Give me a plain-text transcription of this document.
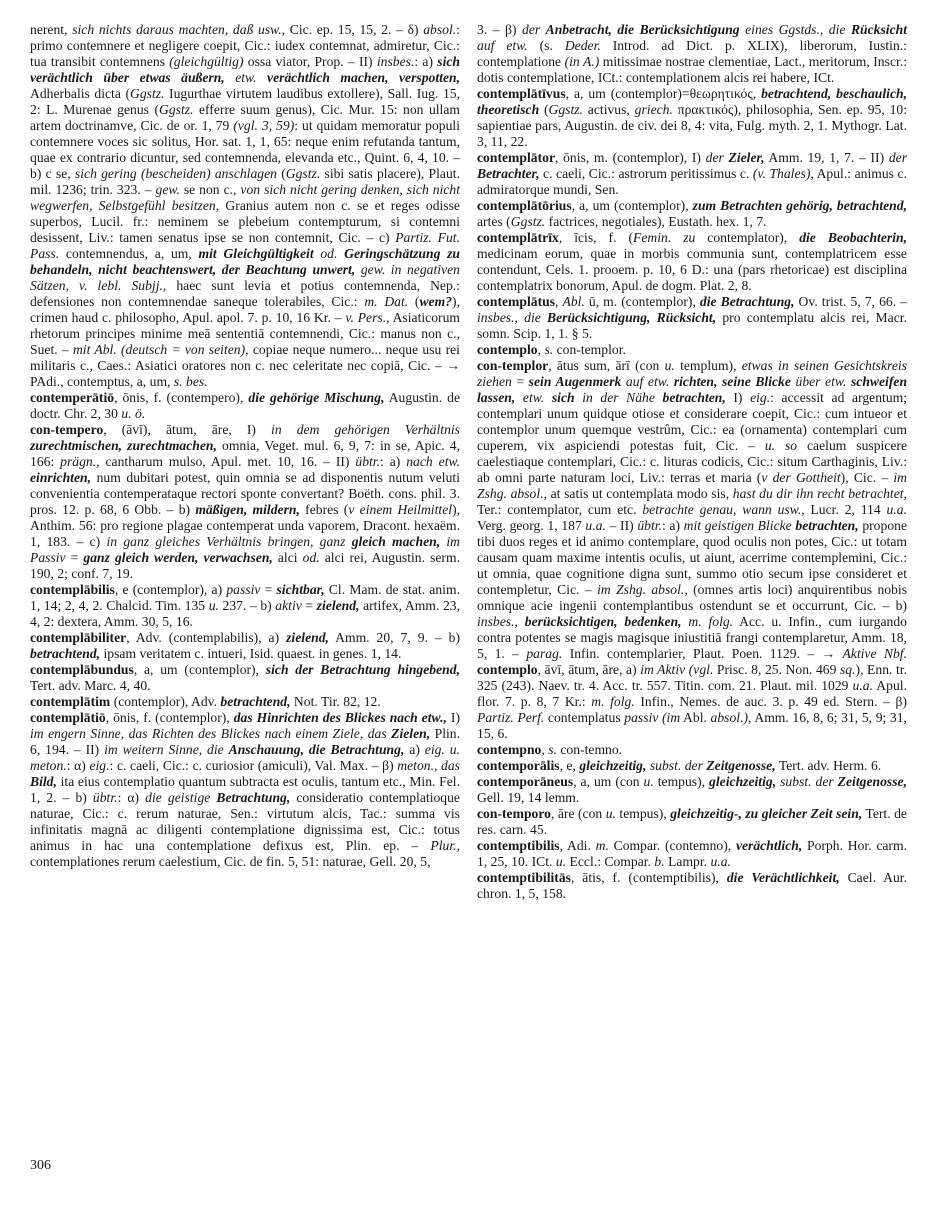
nerent, sich nichts daraus machten, daß usw., Cic. ep. 15, 15, 2. – δ) absol.: primo contemnere et negligere coepit, Cic.: iudex contemnat, admiretur, Cic.: tua transibit contemnens (gleichgültig) ossa viator, Prop. – II) insbes.: a) sich verächtlich über etwas äußern, etw. verächtlich machen, verspotten, Adherbalis dicta (Ggstz. Iugurthae virtutem laudibus extollere), Sall. Iug. 15, 2: L. Murenae genus (Ggstz. efferre suum genus), Cic. Mur. 15: non ullam artem doctrinamve, Cic. de or. 1, 79 (vgl. 3, 59): ut quidam memoratur populi contemnere voces sic solitus, Hor. sat. 1, 1, 65: neque enim refutanda tantum, quae ex contrario dicuntur, sed contemnenda, elevanda etc., Quint. 6, 4, 10. – b) c se, sich gering (bescheiden) anschlagen (Ggstz. sibi satis placere), Plaut. mil. 1236; trin. 323. – gew. se non c., von sich nicht gering denken, sich nicht wegwerfen, Selbstgefühl besitzen, Granius autem non c. se et reges odisse superbos, Lucil. fr.: neminem se plebeium contempturum, si contemni desissent, Liv.: tamen senatus ipse se non contemnit, Cic. – c) Partiz. Fut. Pass. contemnendus, a, um, mit Gleichgültigkeit od. Geringschätzung zu behandeln, nicht beachtenswert, der Beachtung unwert, gew. in negativen Sätzen, v. lebl. Subjj., haec sunt levia et potius contemnenda, Nep.: defensiones non contemnendae saneque tolerabiles, Cic.: m. Dat. (wem?), crimen haud c. philosopho, Apul. apol. 7. p. 10, 16 Kr. – v. Pers., Asiaticorum rhetorum principes minime meā sententiā contemnendi, Cic.: manus non c., Suet. – mit Abl. (deutsch = von seiten), copiae neque numero... neque usu rei militaris c., Caes.: Asiatici oratores non c. nec celeritate nec copiā, Cic. – → PAdi., contemptus, a, um, s. bes.

contemperātiō, ōnis, f. (contempero), die gehörige Mischung, Augustin. de doctr. Chr. 2, 30 u. ö.

con-tempero, (āvī), ātum, āre, I) in dem gehörigen Verhältnis zurechtmischen, zurechtmachen, omnia, Veget. mul. 6, 9, 7: in se, Apic. 4, 166: prägn., cantharum mulso, Apul. met. 10, 16. – II) übtr.: a) nach etw. einrichten, num dubitari potest, quin omnia se ad disponentis nutum veluti convenientia contemperataque rectori sponte convertant? Boëth. cons. phil. 3. pros. 12. p. 68, 6 Obb. – b) mäßigen, mildern, febres (v einem Heilmittel), Anthim. 56: pro regione plagae contemperat unda vaporem, Dracont. hexaëm. 1, 183. – c) in ganz gleiches Verhältnis bringen, ganz gleich machen, im Passiv = ganz gleich werden, verwachsen, alci od. alci rei, Augustin. serm. 190, 2; conf. 7, 19.

contemplābilis, e (contemplor), a) passiv = sichtbar, Cl. Mam. de stat. anim. 1, 14; 2, 4, 2. Chalcid. Tim. 135 u. 237. – b) aktiv = zielend, artifex, Amm. 23, 4, 2: dextera, Amm. 30, 5, 16.

contemplābiliter, Adv. (contemplabilis), a) zielend, Amm. 20, 7, 9. – b) betrachtend, ipsam veritatem c. intueri, Isid. quaest. in genes. 1, 14.

contemplābundus, a, um (contemplor), sich der Betrachtung hingebend, Tert. adv. Marc. 4, 40.

contemplātim (contemplor), Adv. betrachtend, Not. Tir. 82, 12.

contemplātiō, ōnis, f. (contemplor), das Hinrichten des Blickes nach etw., I) im engern Sinne, das Richten des Blickes nach einem Ziele, das Zielen, Plin. 6, 194. – II) im weitern Sinne, die Anschauung, die Betrachtung, a) eig. u. meton.: α) eig.: c. caeli, Cic.: c. curiosior (amiculi), Val. Max. – β) meton., das Bild, ita eius contemplatio quantum subtracta est oculis, tantum etc., Min. Fel. 1, 2. – b) übtr.: α) die geistige Betrachtung, consideratio contemplatioque naturae, Cic.: c. rerum naturae, Sen.: virtutum alcis, Tac.: summa vis infinitatis magnā ac diligenti contemplatione dignissima est, Cic.: totus animus in hac una contemplatione defixus est, Plin. ep. – Plur., contemplationes rerum caelestium, Cic. de fin. 5, 51: naturae, Gell. 20, 5,

3. – β) der Anbetracht, die Berücksichtigung eines Ggstds., die Rücksicht auf etw. (s. Deder. Introd. ad Dict. p. XLIX), liberorum, Iustin.: contemplatione (in A.) mitissimae nostrae clementiae, Lact., meritorum, Inscr.: dotis contemplatione, ICt.: contemplationem alcis rei habere, ICt.

contemplātīvus, a, um (contemplor)=θεωρητικός, betrachtend, beschaulich, theoretisch (Ggstz. activus, griech. πρακτικός), philosophia, Sen. ep. 95, 10: sapientiae pars, Augustin. de civ. dei 8, 4: vita, Fulg. myth. 2, 1. Mythogr. Lat. 3, 11, 22.

contemplātor, ōnis, m. (contemplor), I) der Zieler, Amm. 19, 1, 7. – II) der Betrachter, c. caeli, Cic.: astrorum peritissimus c. (v. Thales), Apul.: animus c. admiratorque mundi, Sen.

contemplātōrius, a, um (contemplor), zum Betrachten gehörig, betrachtend, artes (Ggstz. factrices, negotiales), Eustath. hex. 1, 7.

contemplātrīx, īcis, f. (Femin. zu contemplator), die Beobachterin, medicinam eorum, quae in morbis communia sunt, contemplatricem esse contendunt, Cels. 1. prooem. p. 10, 6 D.: una (pars rhetoricae) est disciplina contemplatrix bonorum, Apul. de dogm. Plat. 2, 8.

contemplātus, Abl. ū, m. (contemplor), die Betrachtung, Ov. trist. 5, 7, 66. – insbes., die Berücksichtigung, Rücksicht, pro contemplatu alcis rei, Macr. somn. Scip. 1, 1. § 5.

contemplo, s. con-templor.

con-templor, ātus sum, ārī (con u. templum), etwas in seinen Gesichtskreis ziehen = sein Augenmerk auf etw. richten, seine Blicke über etw. schweifen lassen, etw. sich in der Nähe betrachten, I) eig.: accessit ad argentum; contemplari unum quidque otiose et considerare coepit, Cic.: cum intueor et contemplor unum quemque vestrûm, Cic.: ea (ornamenta) contemplari cum cuperem, vix aspiciendi potestas fuit, Cic. – u. so caelum suspicere caelestiaque contemplari, Cic.: c. lituras codicis, Cic.: situm Carthaginis, Liv.: ab omni parte naturam loci, Liv.: terras et maria (v der Gottheit), Cic. – im Zshg. absol., at satis ut contemplata modo sis, hast du dir ihn recht betrachtet, Ter.: contemplator, cum etc. betrachte genau, wann usw., Lucr. 2, 114 u.a. Verg. georg. 1, 187 u.a. – II) übtr.: a) mit geistigen Blicke betrachten, propone tibi duos reges et id animo contemplare, quod oculis non potes, Cic.: ut totam causam quam maxime intentis oculis, ut aiunt, acerrime contemplemini, Cic.: ut omnia, quae cognitione digna sunt, summo otio secum ipse consideret et contempletur, Cic. – im Zshg. absol., (omnes artis loci) anquirentibus nobis omnique acie ingenii contemplantibus ostendunt se et occurrunt, Cic. – b) insbes., berücksichtigen, bedenken, m. folg. Acc. u. Infin., cum iurgando contra potentes se magis magisque iniustitiā frangi contemplaretur, Amm. 18, 5, 1. – parag. Infin. contemplarier, Plaut. Poen. 1129. – → Aktive Nbf. contemplo, āvī, ātum, āre, a) im Aktiv (vgl. Prisc. 8, 25. Non. 469 sq.), Enn. tr. 325 (243). Naev. tr. 4. Acc. tr. 557. Titin. com. 21. Plaut. mil. 1029 u.a. Apul. flor. 7. p. 8, 7 Kr.: m. folg. Infin., Nemes. de auc. 3. p. 49 ed. Stern. – β) Partiz. Perf. contemplatus passiv (im Abl. absol.), Amm. 16, 8, 6; 31, 5, 9; 31, 15, 6.

contempno, s. con-temno.

contemporālis, e, gleichzeitig, subst. der Zeitgenosse, Tert. adv. Herm. 6.

contemporāneus, a, um (con u. tempus), gleichzeitig, subst. der Zeitgenosse, Gell. 19, 14 lemm.

con-temporo, āre (con u. tempus), gleichzeitig-, zu gleicher Zeit sein, Tert. de res. carn. 45.

contemptibilis, Adi. m. Compar. (contemno), verächtlich, Porph. Hor. carm. 1, 25, 10. ICt. u. Eccl.: Compar. b. Lampr. u.a.

contemptibilitās, ātis, f. (contemptibilis), die Verächtlichkeit, Cael. Aur. chron. 1, 5, 158.

306
